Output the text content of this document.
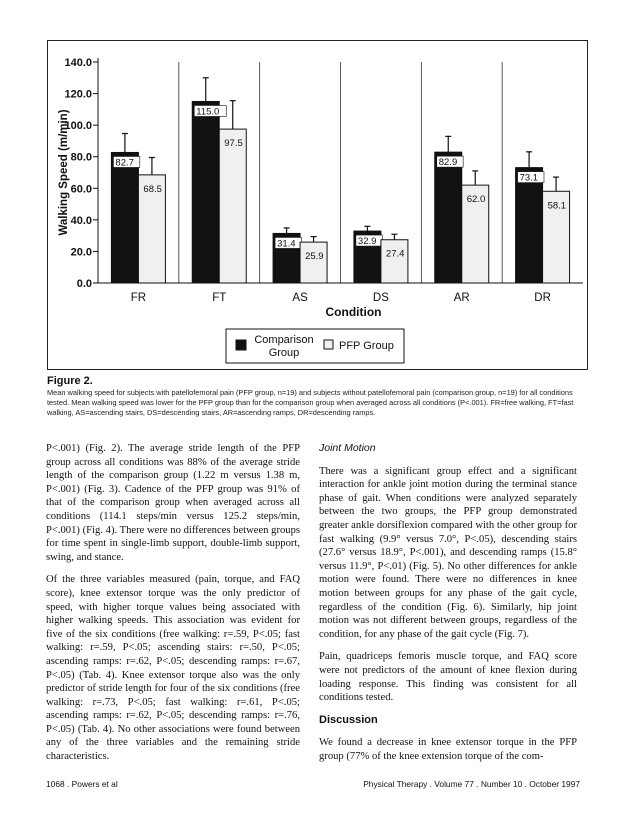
0.0
20.0
40.0
60.0
80.0
100.0
120.0
140.0
Walking Speed (m/min)	82.7
68.5
FR
115.0
97.5
FT
31.4
25.9
AS
32.9
27.4
DS
82.9
62.0
AR
73.1
58.1
DR
Condition
Comparison
Group
PFP Group

Figure 2.

Mean walking speed for subjects with patellofemoral pain (PFP group, n=19) and subjects without patellofemoral pain (comparison group, n=19) for all conditions tested. Mean walking speed was lower for the PFP group than for the comparison group when averaged across all conditions (P<.001). FR=free walking, FT=fast walking, AS=ascending stairs, DS=descending stairs, AR=ascending ramps, DR=descending ramps.

P<.001) (Fig. 2). The average stride length of the PFP group across all conditions was 88% of the average stride length of the comparison group (1.22 m versus 1.38 m, P<.001) (Fig. 3). Cadence of the PFP group was 91% of that of the comparison group when averaged across all conditions (114.1 steps/min versus 125.2 steps/min, P<.001) (Fig. 4). There were no differences between groups for time spent in single-limb support, double-limb support, swing, and stance.

Of the three variables measured (pain, torque, and FAQ score), knee extensor torque was the only predictor of speed, with higher torque values being associated with higher walking speeds. This association was evident for five of the six conditions (free walking: r=.59, P<.05; fast walking: r=.59, P<.05; ascending stairs: r=.50, P<.05; ascending ramps: r=.62, P<.05; descending ramps: r=.67, P<.05) (Tab. 4). Knee extensor torque also was the only predictor of stride length for four of the six conditions (free walking: r=.73, P<.05; fast walking: r=.61, P<.05; ascending ramps: r=.62, P<.05; descending ramps: r=.76, P<.05) (Tab. 4). No other associations were found between any of the three variables and the remaining stride characteristics.

Joint Motion

There was a significant group effect and a significant interaction for ankle joint motion during the terminal stance phase of gait. When conditions were analyzed separately between the two groups, the PFP group demonstrated greater ankle dorsiflexion compared with the other group for fast walking (9.9° versus 7.0°, P<.05), descending stairs (27.6° versus 18.9°, P<.001), and descending ramps (15.8° versus 11.9°, P<.01) (Fig. 5). No other differences for ankle motion were found. There were no differences in knee motion between groups for any phase of the gait cycle, regardless of the condition (Fig. 6). Similarly, hip joint motion was not different between groups, regardless of the condition, for any phase of the gait cycle (Fig. 7).

Pain, quadriceps femoris muscle torque, and FAQ score were not predictors of the amount of knee flexion during loading response. This finding was consistent for all conditions tested.

Discussion

We found a decrease in knee extensor torque in the PFP group (77% of the knee extension torque of the com-

1068 . Powers et al	Physical Therapy . Volume 77 . Number 10 . October 1997
